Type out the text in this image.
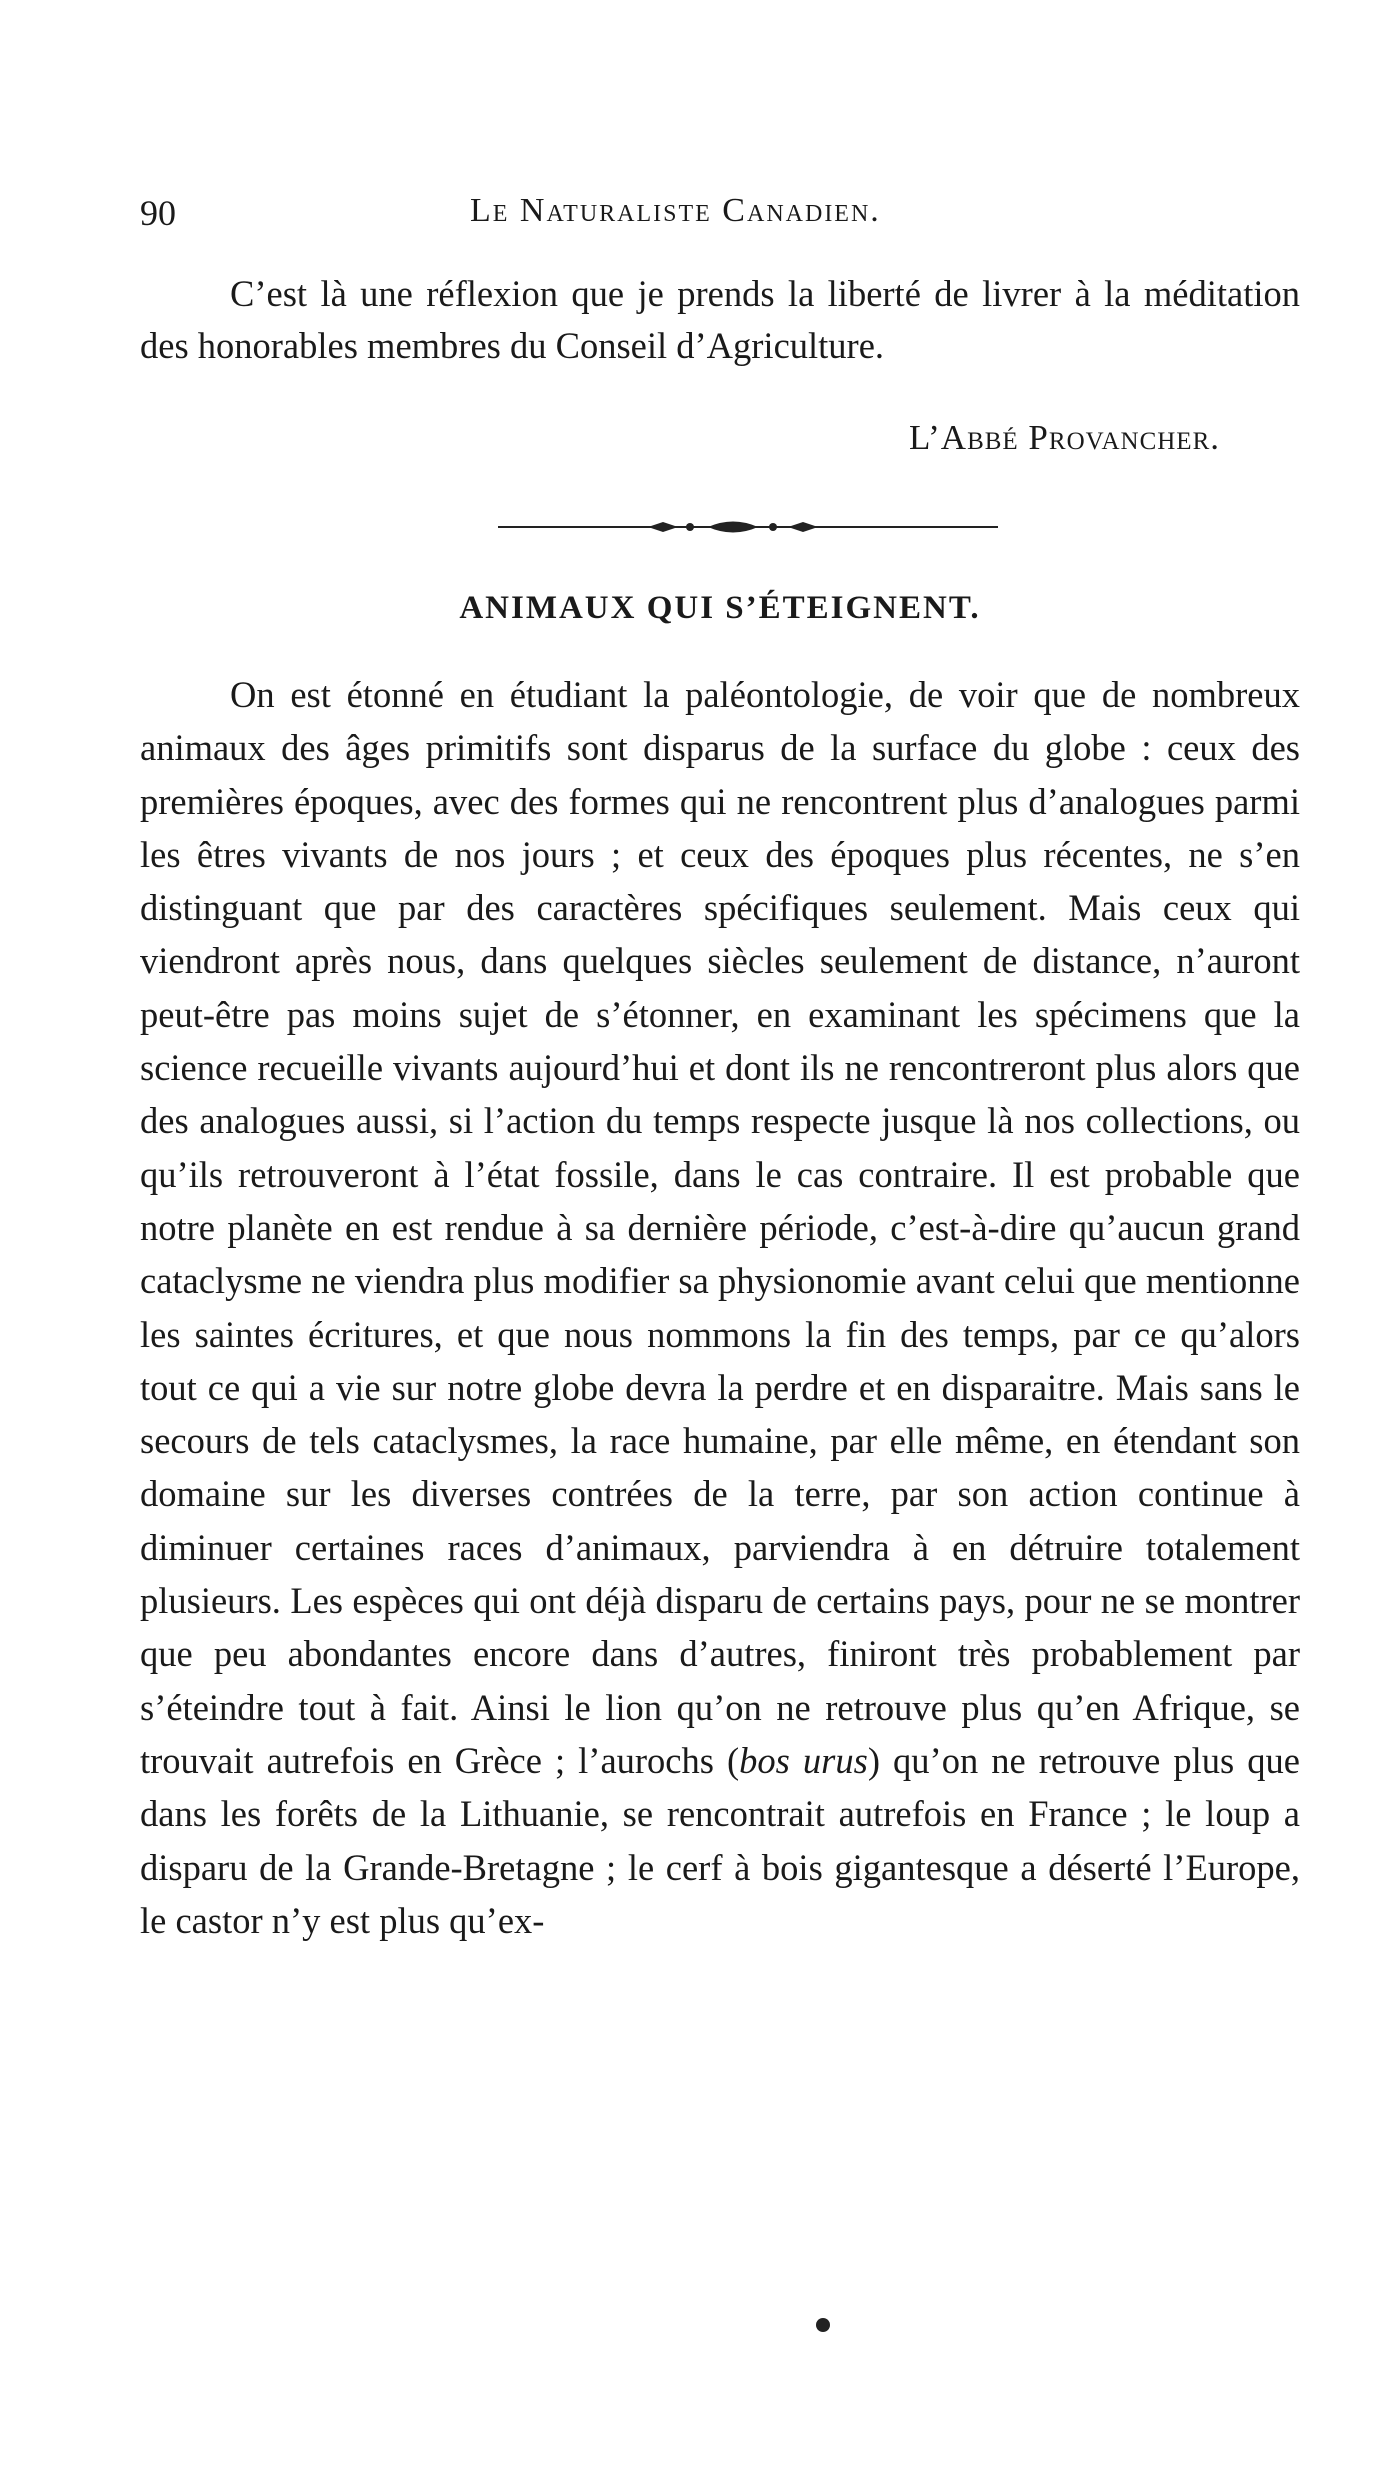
90	Le Naturaliste Canadien.

C’est là une réflexion que je prends la liberté de livrer à la méditation des honorables membres du Conseil d’Agriculture.

L’Abbé Provancher.
ANIMAUX QUI S’ÉTEIGNENT.

On est étonné en étudiant la paléontologie, de voir que de nombreux animaux des âges primitifs sont disparus de la surface du globe : ceux des premières époques, avec des formes qui ne rencontrent plus d’analogues parmi les êtres vivants de nos jours ; et ceux des époques plus récentes, ne s’en distinguant que par des caractères spécifiques seulement. Mais ceux qui viendront après nous, dans quelques siècles seulement de distance, n’auront peut-être pas moins sujet de s’étonner, en examinant les spécimens que la science recueille vivants aujourd’hui et dont ils ne rencontreront plus alors que des analogues aussi, si l’action du temps respecte jusque là nos collections, ou qu’ils retrouveront à l’état fossile, dans le cas contraire. Il est probable que notre planète en est rendue à sa dernière période, c’est-à-dire qu’aucun grand cataclysme ne viendra plus modifier sa physionomie avant celui que mentionne les saintes écritures, et que nous nommons la fin des temps, par ce qu’alors tout ce qui a vie sur notre globe devra la perdre et en disparaitre. Mais sans le secours de tels cataclysmes, la race humaine, par elle même, en étendant son domaine sur les diverses contrées de la terre, par son action continue à diminuer certaines races d’animaux, parviendra à en détruire totalement plusieurs. Les espèces qui ont déjà disparu de certains pays, pour ne se montrer que peu abondantes encore dans d’autres, finiront très probablement par s’éteindre tout à fait. Ainsi le lion qu’on ne retrouve plus qu’en Afrique, se trouvait autrefois en Grèce ; l’aurochs (bos urus) qu’on ne retrouve plus que dans les forêts de la Lithuanie, se rencontrait autrefois en France ; le loup a disparu de la Grande-Bretagne ; le cerf à bois gigantesque a déserté l’Europe, le castor n’y est plus qu’ex-
